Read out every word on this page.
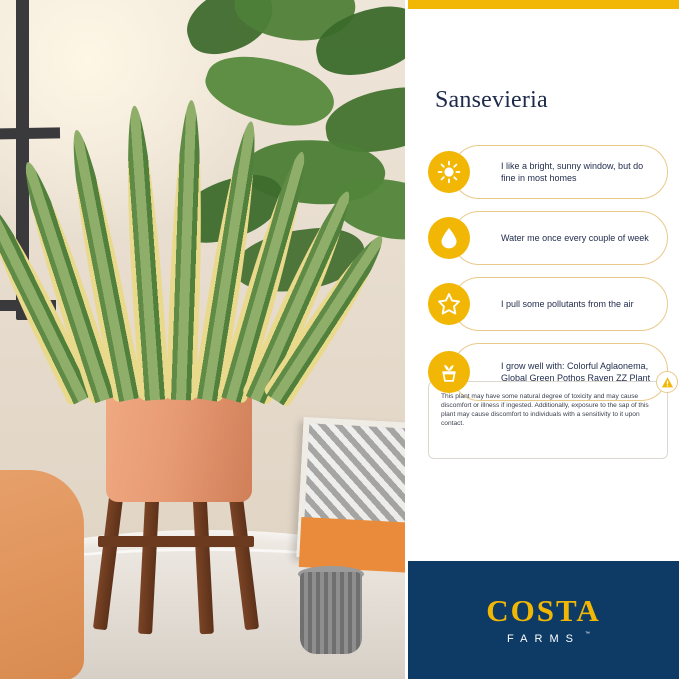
Sansevieria
I like a bright, sunny window, but do fine in most homes
Water me once every couple of week
I pull some pollutants from the air
I grow well with: Colorful Aglaonema, Global Green Pothos Raven ZZ Plant

This plant may have some natural degree of toxicity and may cause discomfort or illness if ingested. Additionally, exposure to the sap of this plant may cause discomfort to individuals with a sensitivity to it upon contact.

COSTA
FARMS ™
